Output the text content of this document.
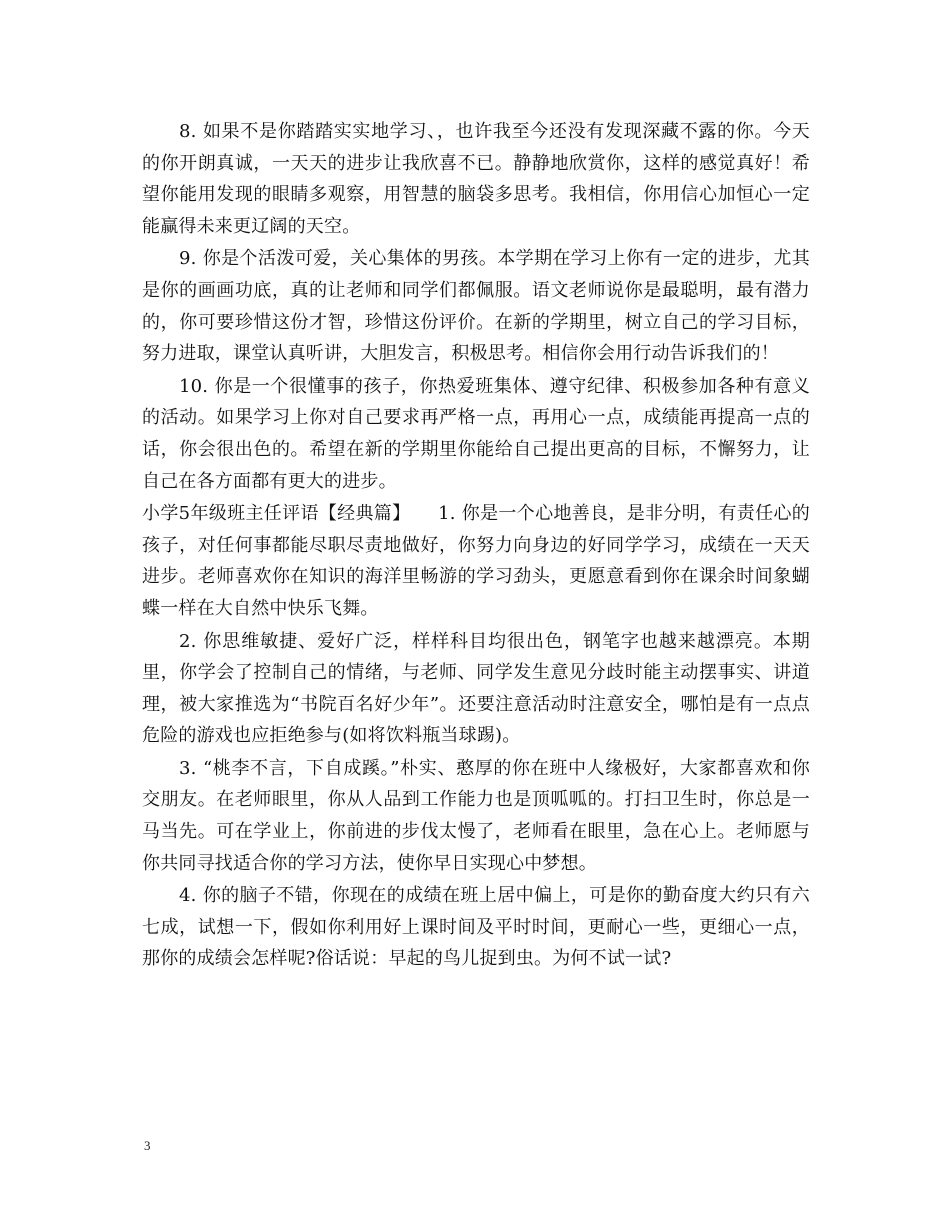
8. 如果不是你踏踏实实地学习、，也许我至今还没有发现深藏不露的你。今天的你开朗真诚，一天天的进步让我欣喜不已。静静地欣赏你，这样的感觉真好！希望你能用发现的眼睛多观察，用智慧的脑袋多思考。我相信，你用信心加恒心一定能赢得未来更辽阔的天空。

9. 你是个活泼可爱，关心集体的男孩。本学期在学习上你有一定的进步，尤其是你的画画功底，真的让老师和同学们都佩服。语文老师说你是最聪明，最有潜力的，你可要珍惜这份才智，珍惜这份评价。在新的学期里，树立自己的学习目标，努力进取，课堂认真听讲，大胆发言，积极思考。相信你会用行动告诉我们的！

10. 你是一个很懂事的孩子，你热爱班集体、遵守纪律、积极参加各种有意义的活动。如果学习上你对自己要求再严格一点，再用心一点，成绩能再提高一点的话，你会很出色的。希望在新的学期里你能给自己提出更高的目标，不懈努力，让自己在各方面都有更大的进步。

小学5年级班主任评语【经典篇】　　1. 你是一个心地善良，是非分明，有责任心的孩子，对任何事都能尽职尽责地做好，你努力向身边的好同学学习，成绩在一天天进步。老师喜欢你在知识的海洋里畅游的学习劲头，更愿意看到你在课余时间象蝴蝶一样在大自然中快乐飞舞。

2. 你思维敏捷、爱好广泛，样样科目均很出色，钢笔字也越来越漂亮。本期里，你学会了控制自己的情绪，与老师、同学发生意见分歧时能主动摆事实、讲道理，被大家推选为“书院百名好少年”。还要注意活动时注意安全，哪怕是有一点点危险的游戏也应拒绝参与(如将饮料瓶当球踢)。

3. “桃李不言，下自成蹊。”朴实、憨厚的你在班中人缘极好，大家都喜欢和你交朋友。在老师眼里，你从人品到工作能力也是顶呱呱的。打扫卫生时，你总是一马当先。可在学业上，你前进的步伐太慢了，老师看在眼里，急在心上。老师愿与你共同寻找适合你的学习方法，使你早日实现心中梦想。

4. 你的脑子不错，你现在的成绩在班上居中偏上，可是你的勤奋度大约只有六七成，试想一下，假如你利用好上课时间及平时时间，更耐心一些，更细心一点，那你的成绩会怎样呢?俗话说：早起的鸟儿捉到虫。为何不试一试?

3
